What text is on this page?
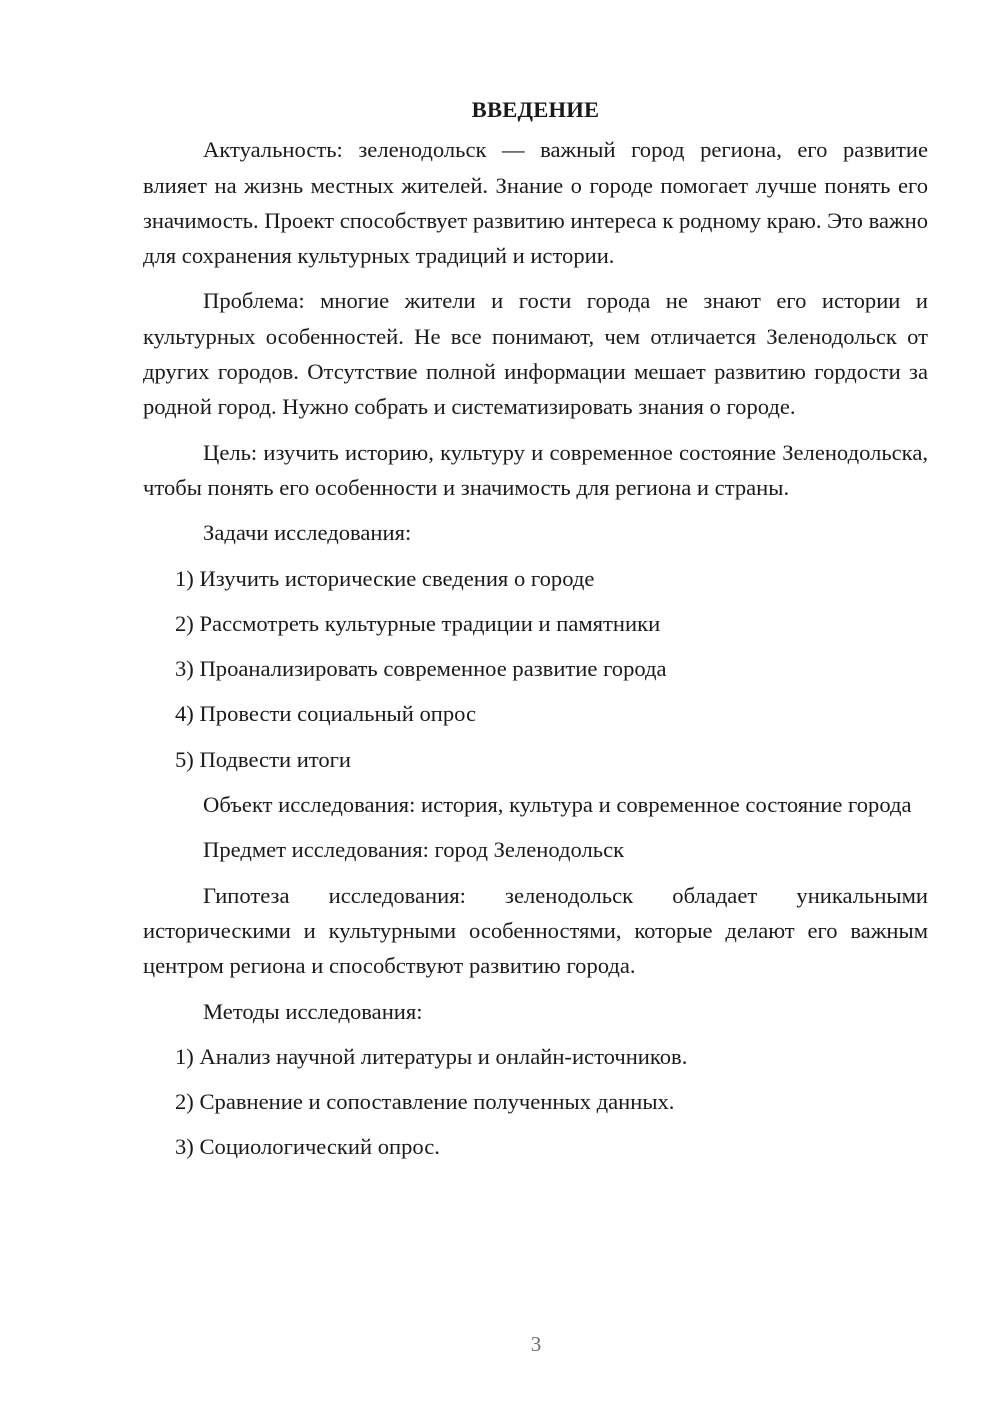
ВВЕДЕНИЕ

Актуальность: зеленодольск — важный город региона, его развитие влияет на жизнь местных жителей. Знание о городе помогает лучше понять его значимость. Проект способствует развитию интереса к родному краю. Это важно для сохранения культурных традиций и истории.

Проблема: многие жители и гости города не знают его истории и культурных особенностей. Не все понимают, чем отличается Зеленодольск от других городов. Отсутствие полной информации мешает развитию гордости за родной город. Нужно собрать и систематизировать знания о городе.

Цель: изучить историю, культуру и современное состояние Зеленодольска, чтобы понять его особенности и значимость для региона и страны.

Задачи исследования:

1) Изучить исторические сведения о городе
2) Рассмотреть культурные традиции и памятники
3) Проанализировать современное развитие города
4) Провести социальный опрос
5) Подвести итоги

Объект исследования: история, культура и современное состояние города

Предмет исследования: город Зеленодольск

Гипотеза исследования: зеленодольск обладает уникальными историческими и культурными особенностями, которые делают его важным центром региона и способствуют развитию города.

Методы исследования:

1) Анализ научной литературы и онлайн-источников.
2) Сравнение и сопоставление полученных данных.
3) Социологический опрос.
3
